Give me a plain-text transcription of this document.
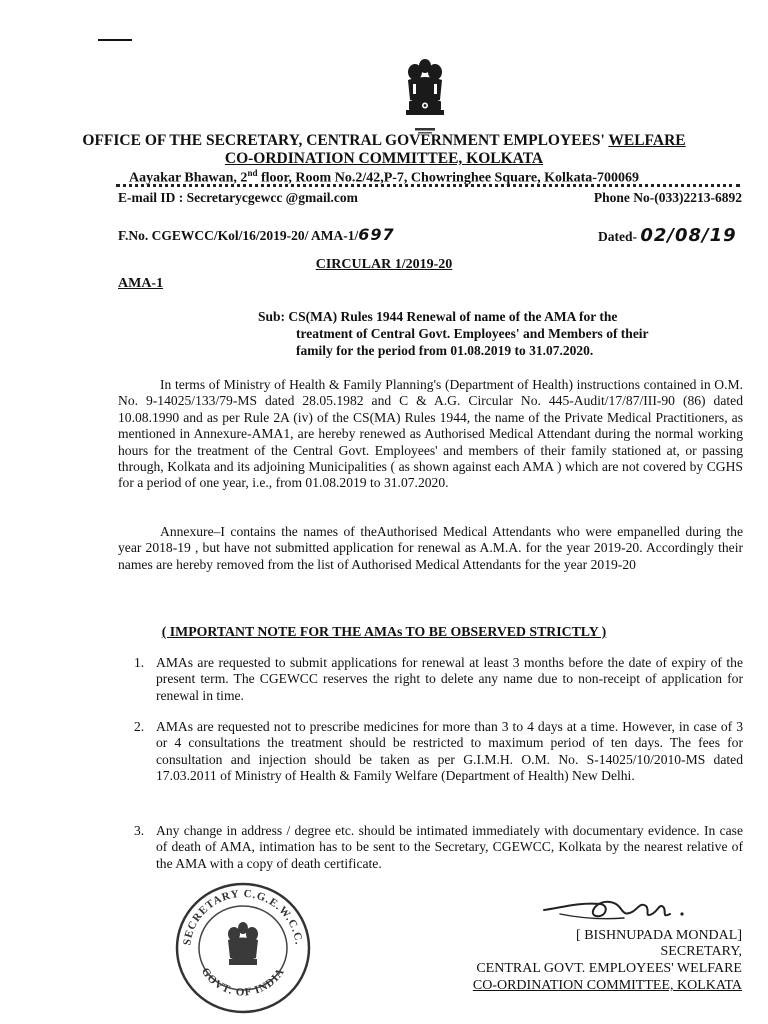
OFFICE OF THE SECRETARY, CENTRAL GOVERNMENT EMPLOYEES' WELFARE
CO-ORDINATION COMMITTEE, KOLKATA
Aayakar Bhawan, 2nd floor, Room No.2/42,P-7, Chowringhee Square, Kolkata-700069
E-mail ID : Secretarycgewcc @gmail.com	Phone No-(033)2213-6892
F.No. CGEWCC/Kol/16/2019-20/ AMA-1/697	Dated- 02/08/19
CIRCULAR 1/2019-20
AMA-1
Sub: CS(MA) Rules 1944 Renewal of name of the AMA for the
treatment of Central Govt. Employees' and Members of their
family for the period from 01.08.2019 to 31.07.2020.
In terms of Ministry of Health & Family Planning's (Department of Health) instructions contained in O.M. No. 9-14025/133/79-MS dated 28.05.1982 and C & A.G. Circular No. 445-Audit/17/87/III-90 (86) dated 10.08.1990 and as per Rule 2A (iv) of the CS(MA) Rules 1944, the name of the Private Medical Practitioners, as mentioned in Annexure-AMA1, are hereby renewed as Authorised Medical Attendant during the normal working hours for the treatment of the Central Govt. Employees' and members of their family stationed at, or passing through, Kolkata and its adjoining Municipalities ( as shown against each AMA ) which are not covered by CGHS for a period of one year, i.e., from 01.08.2019 to 31.07.2020.
Annexure–I contains the names of theAuthorised Medical Attendants who were empanelled during the year 2018-19 , but have not submitted application for renewal as A.M.A. for the year 2019-20. Accordingly their names are hereby removed from the list of Authorised Medical Attendants for the year 2019-20
( IMPORTANT NOTE FOR THE AMAs TO BE OBSERVED STRICTLY )
1. AMAs are requested to submit applications for renewal at least 3 months before the date of expiry of the present term. The CGEWCC reserves the right to delete any name due to non-receipt of application for renewal in time.
2. AMAs are requested not to prescribe medicines for more than 3 to 4 days at a time. However, in case of 3 or 4 consultations the treatment should be restricted to maximum period of ten days. The fees for consultation and injection should be taken as per G.I.M.H. O.M. No. S-14025/10/2010-MS dated 17.03.2011 of Ministry of Health & Family Welfare (Department of Health) New Delhi.
3. Any change in address / degree etc. should be intimated immediately with documentary evidence. In case of death of AMA, intimation has to be sent to the Secretary, CGEWCC, Kolkata by the nearest relative of the AMA with a copy of death certificate.
SECRETARY C.G.E.W.C.C.
GOVT. OF INDIA
[ BISHNUPADA MONDAL]
SECRETARY,
CENTRAL GOVT. EMPLOYEES' WELFARE
CO-ORDINATION COMMITTEE, KOLKATA
